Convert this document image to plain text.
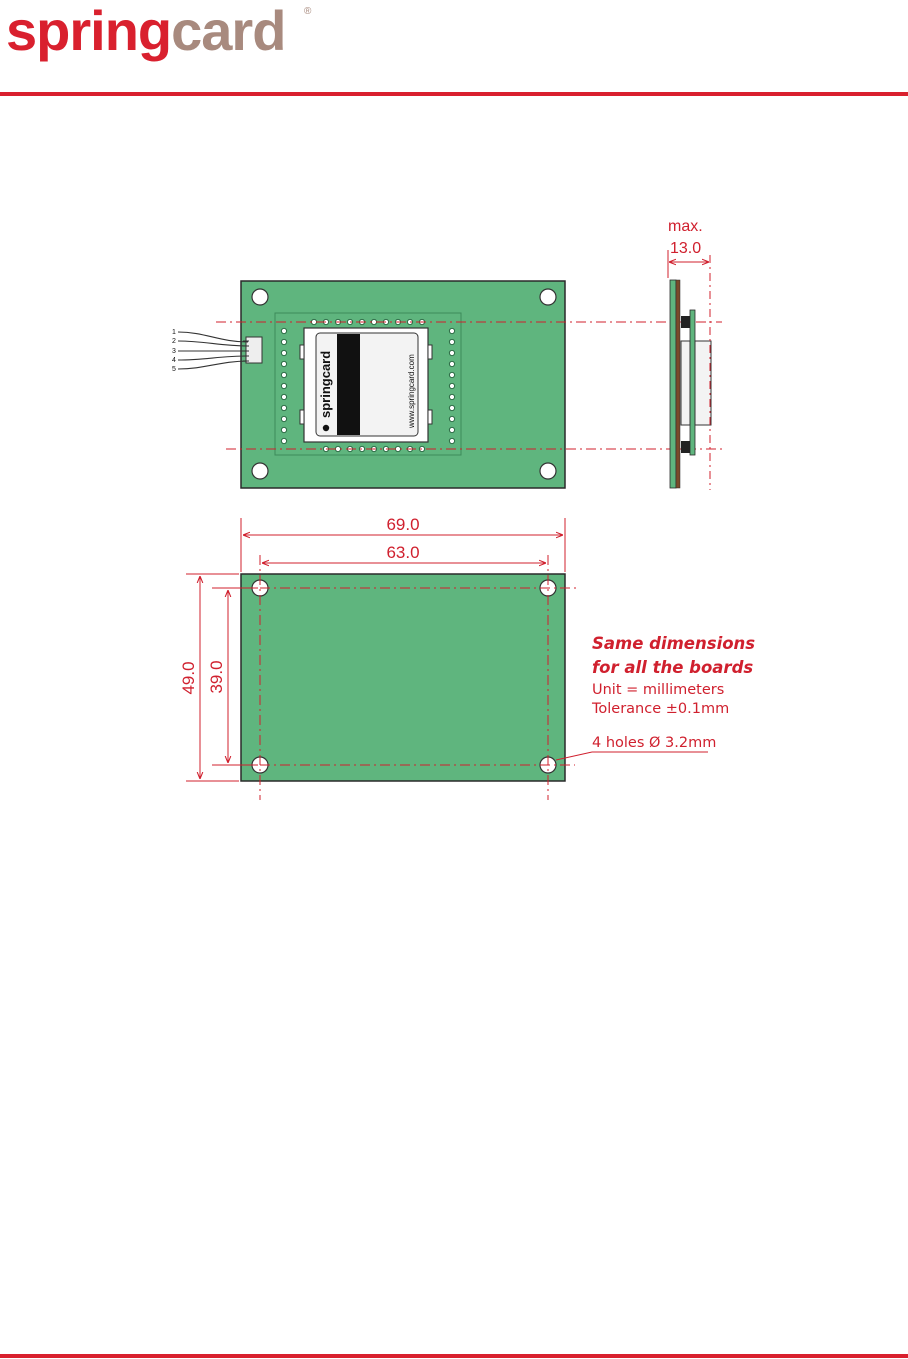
springcard ®
springcard	www.springcard.com
1
2
3
4
5
max.
13.0
69.0
63.0
49.0 39.0
Same dimensions
for all the boards
Unit = millimeters
Tolerance ±0.1mm
4 holes Ø 3.2mm
